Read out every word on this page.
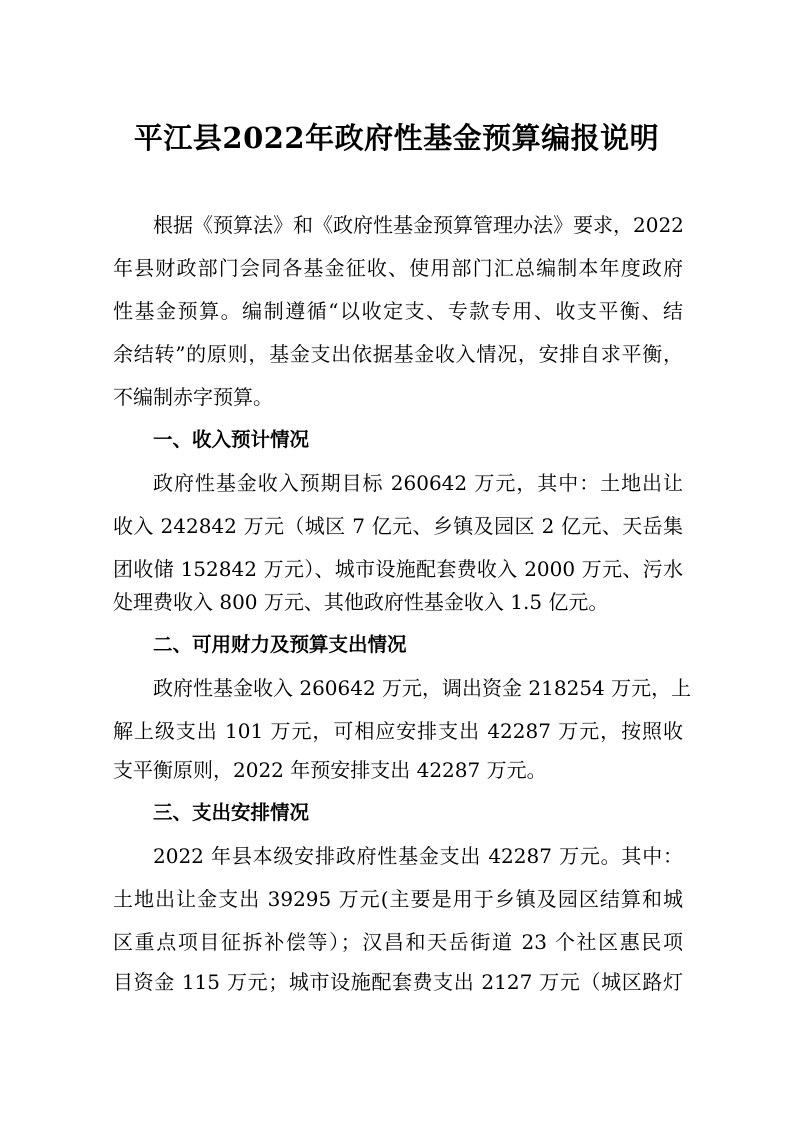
平江县2022年政府性基金预算编报说明
根据《预算法》和《政府性基金预算管理办法》要求，2022
年县财政部门会同各基金征收、使用部门汇总编制本年度政府
性基金预算。编制遵循“以收定支、专款专用、收支平衡、结
余结转”的原则，基金支出依据基金收入情况，安排自求平衡，
不编制赤字预算。
一、收入预计情况
政府性基金收入预期目标 260642 万元，其中：土地出让
收入 242842 万元（城区 7 亿元、乡镇及园区 2 亿元、天岳集
团收储 152842 万元）、城市设施配套费收入 2000 万元、污水
处理费收入 800 万元、其他政府性基金收入 1.5 亿元。
二、可用财力及预算支出情况
政府性基金收入 260642 万元，调出资金 218254 万元，上
解上级支出 101 万元，可相应安排支出 42287 万元，按照收
支平衡原则，2022 年预安排支出 42287 万元。
三、支出安排情况
2022 年县本级安排政府性基金支出 42287 万元。其中：
土地出让金支出 39295 万元(主要是用于乡镇及园区结算和城
区重点项目征拆补偿等）；汉昌和天岳街道 23 个社区惠民项
目资金 115 万元；城市设施配套费支出 2127 万元（城区路灯
